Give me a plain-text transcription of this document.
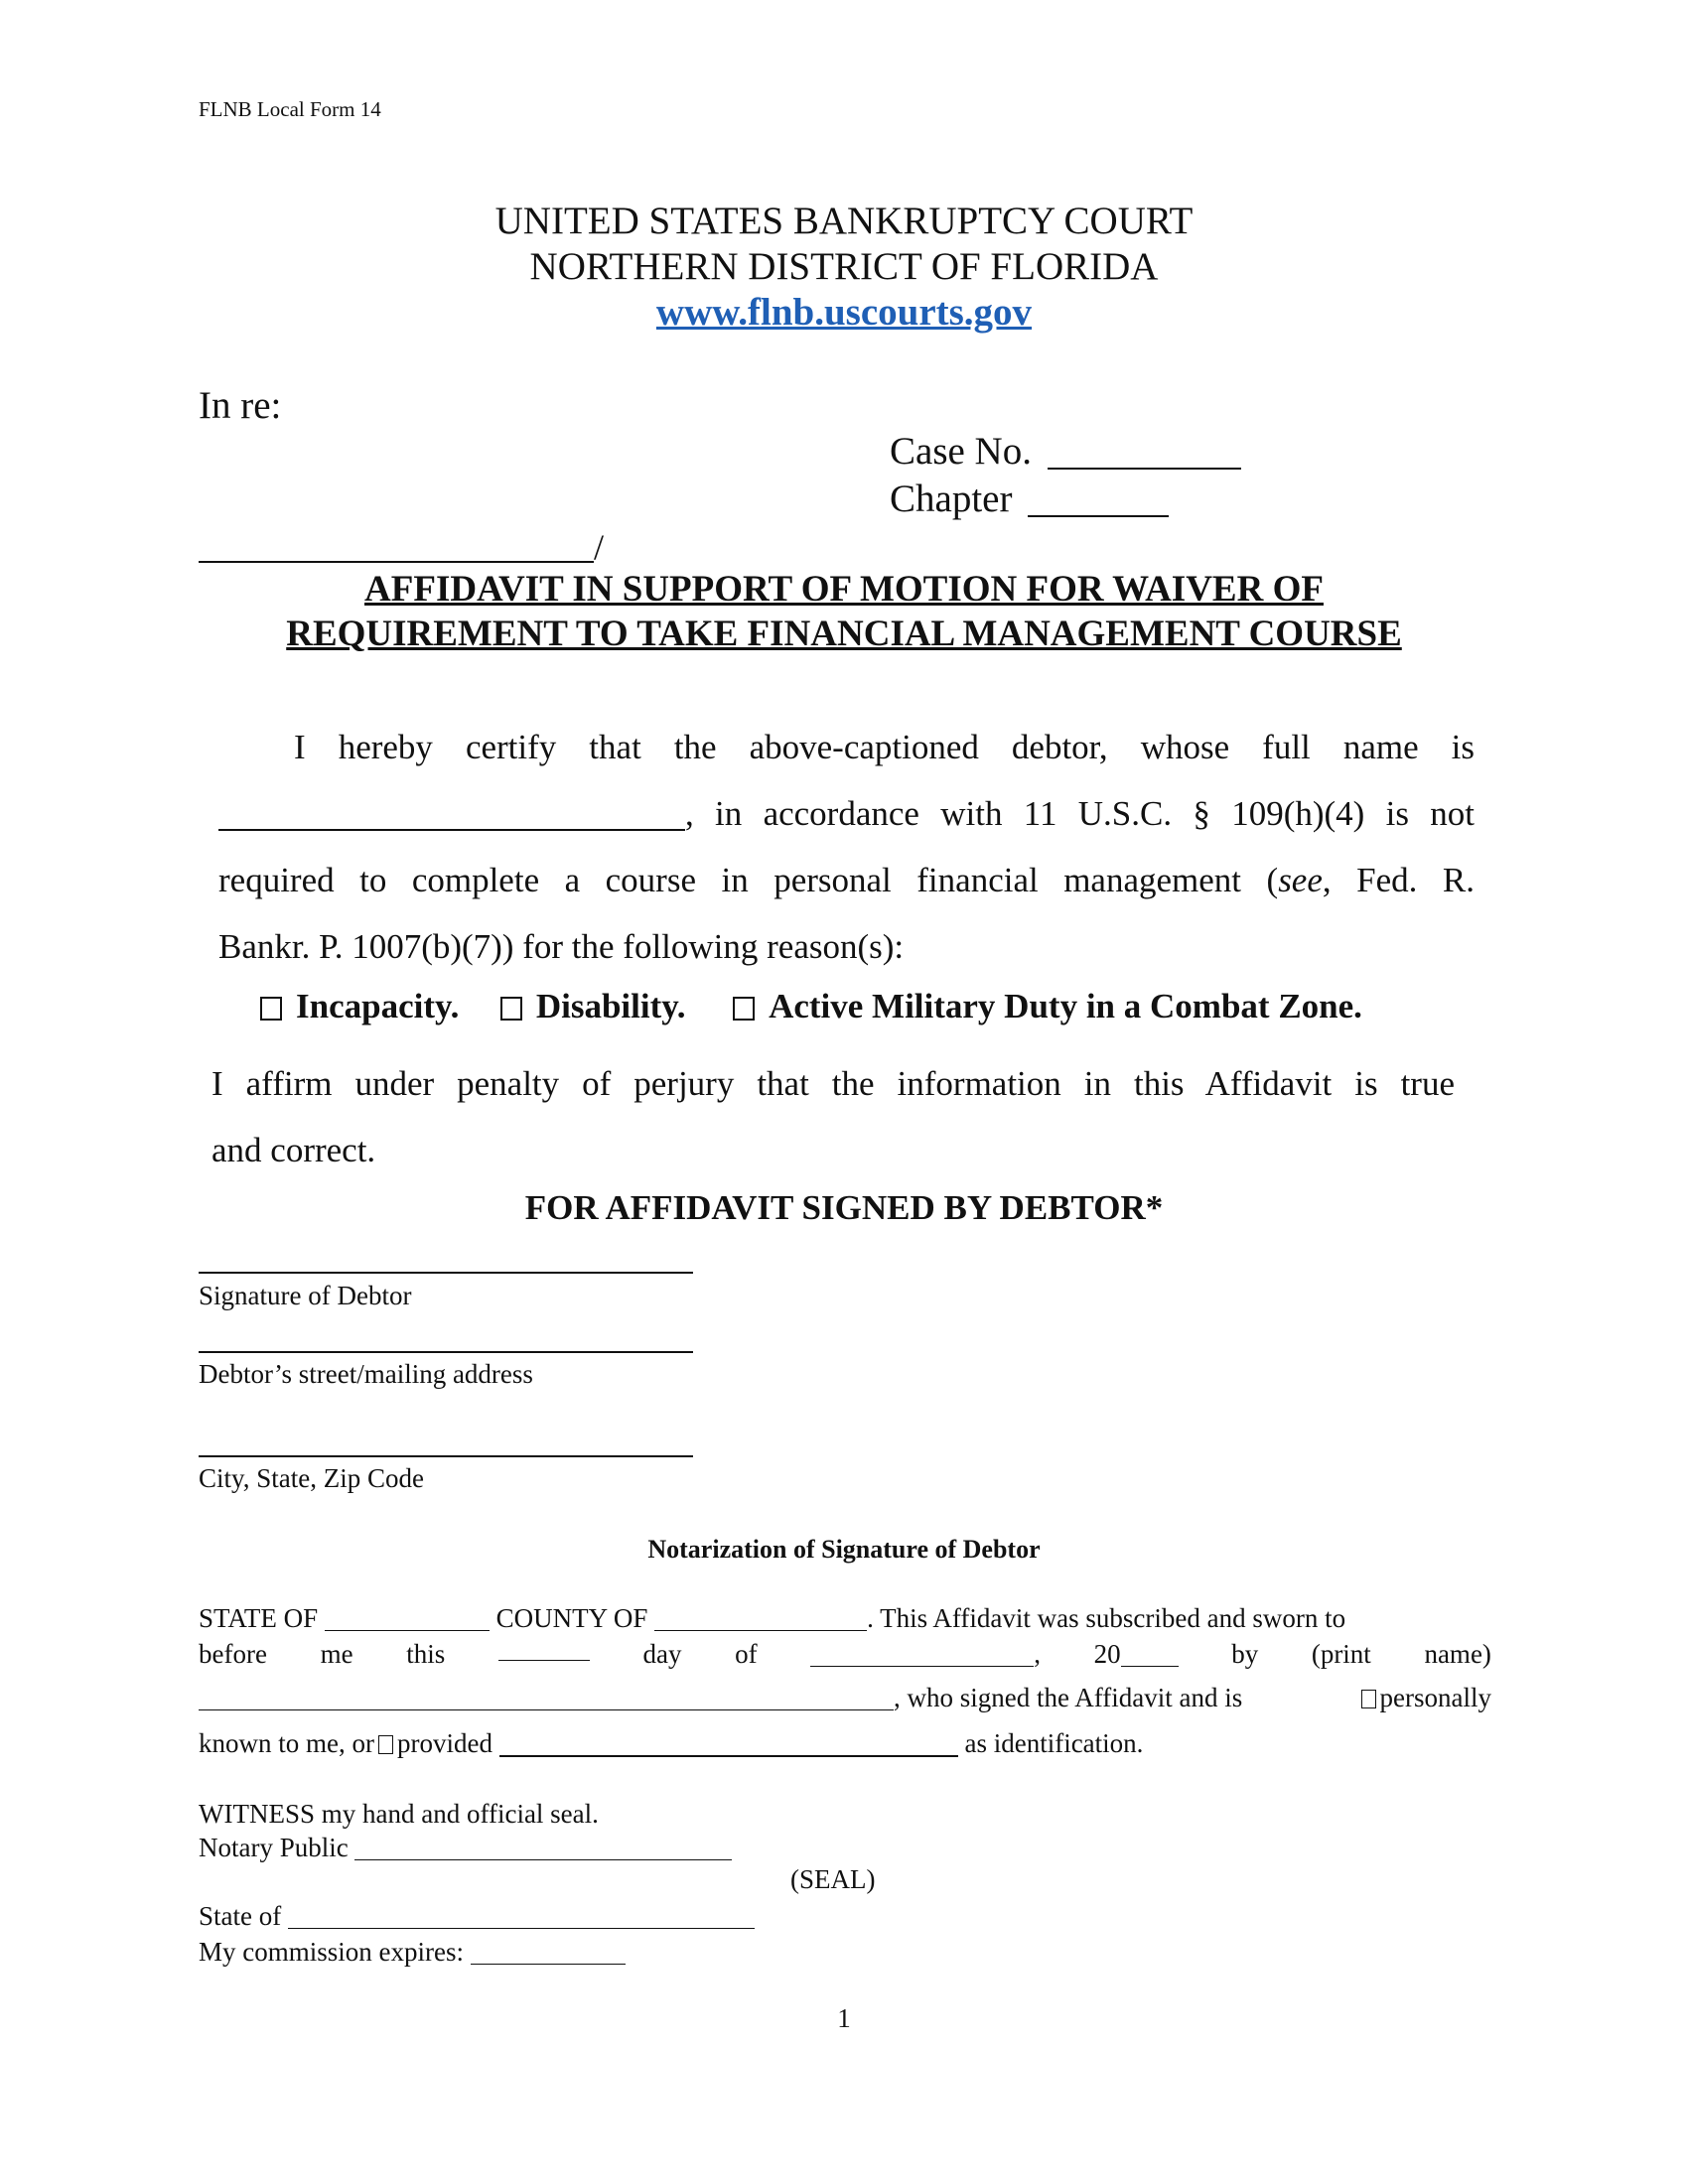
FLNB Local Form 14
UNITED STATES BANKRUPTCY COURT
NORTHERN DISTRICT OF FLORIDA
www.flnb.uscourts.gov
In re:
Case No.
Chapter
/
AFFIDAVIT IN SUPPORT OF MOTION FOR WAIVER OF
REQUIREMENT TO TAKE FINANCIAL MANAGEMENT COURSE
I hereby certify that the above-captioned debtor, whose full name is
, in accordance with 11 U.S.C. § 109(h)(4) is not
required to complete a course in personal financial management (see, Fed. R.
Bankr. P. 1007(b)(7)) for the following reason(s):
Incapacity. Disability. Active Military Duty in a Combat Zone.
I affirm under penalty of perjury that the information in this Affidavit is true
and correct.
FOR AFFIDAVIT SIGNED BY DEBTOR*
Signature of Debtor
Debtor’s street/mailing address
City, State, Zip Code
Notarization of Signature of Debtor
STATE OF	COUNTY OF	. This Affidavit was subscribed and sworn to
before me this	day of	, 20	by (print name)
, who signed the Affidavit and is	personally
known to me, or provided	as identification.
WITNESS my hand and official seal.
Notary Public
(SEAL)
State of
My commission expires:
1
